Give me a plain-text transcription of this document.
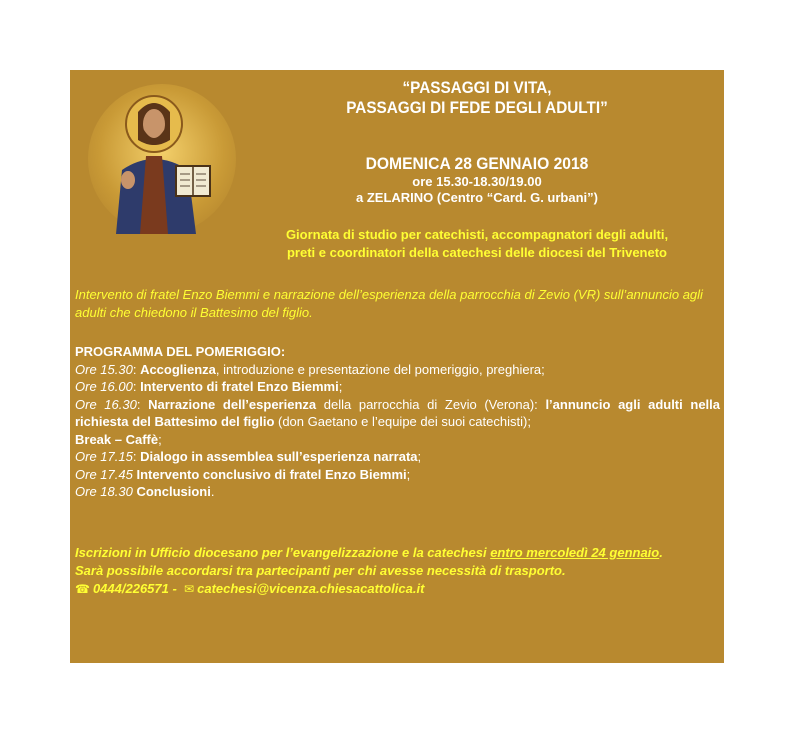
“PASSAGGI DI VITA,
PASSAGGI DI FEDE DEGLI ADULTI”
DOMENICA 28 GENNAIO 2018
ore 15.30-18.30/19.00
a ZELARINO (Centro “Card. G. urbani”)
Giornata di studio per catechisti, accompagnatori degli adulti,
preti e coordinatori della catechesi delle diocesi del Triveneto
Intervento di fratel Enzo Biemmi e narrazione dell’esperienza della parrocchia di Zevio (VR) sull’annuncio agli adulti che chiedono il Battesimo del figlio.
PROGRAMMA DEL POMERIGGIO:
Ore 15.30: Accoglienza, introduzione e presentazione del pomeriggio, preghiera;
Ore 16.00: Intervento di fratel Enzo Biemmi;
Ore 16.30: Narrazione dell’esperienza della parrocchia di Zevio (Verona): l’annuncio agli adulti nella richiesta del Battesimo del figlio (don Gaetano e l’equipe dei suoi catechisti);
Break – Caffè;
Ore 17.15: Dialogo in assemblea sull’esperienza narrata;
Ore 17.45 Intervento conclusivo di fratel Enzo Biemmi;
Ore 18.30 Conclusioni.
Iscrizioni in Ufficio diocesano per l’evangelizzazione e la catechesi entro mercoledì 24 gennaio.
Sarà possibile accordarsi tra partecipanti per chi avesse necessità di trasporto.
☎ 0444/226571 - ✉ catechesi@vicenza.chiesacattolica.it
